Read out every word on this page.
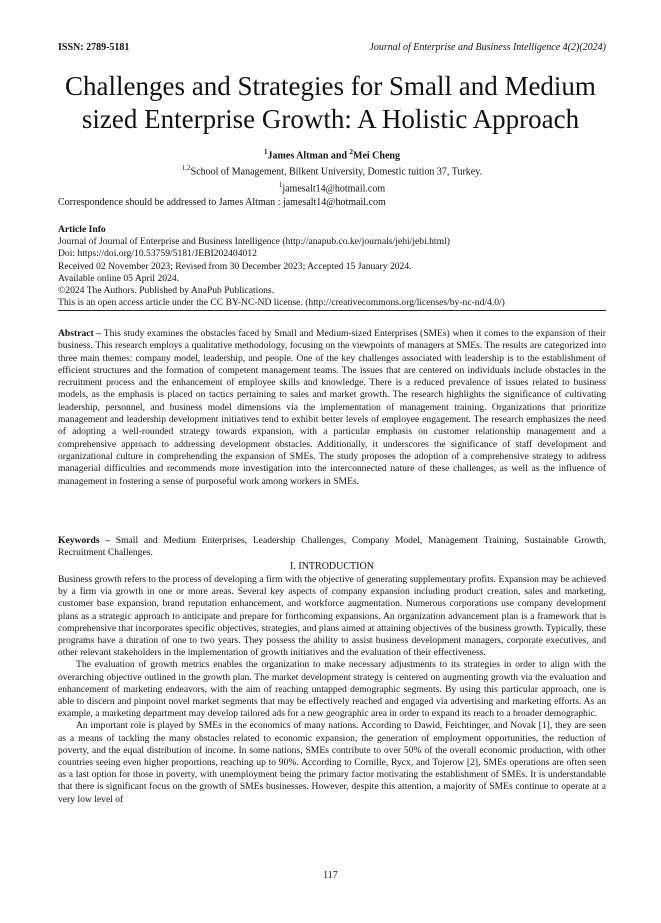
ISSN: 2789-5181	Journal of Enterprise and Business Intelligence 4(2)(2024)
Challenges and Strategies for Small and Medium sized Enterprise Growth: A Holistic Approach
$^1$James Altman and $^2$Mei Cheng
$^{1,2}$School of Management, Bilkent University, Domestic tuition 37, Turkey.
$^1$jamesalt14@hotmail.com
Correspondence should be addressed to James Altman : jamesalt14@hotmail.com
Article Info
Journal of Journal of Enterprise and Business Intelligence (http://anapub.co.ke/journals/jebi/jebi.html)
Doi: https://doi.org/10.53759/5181/JEBI202404012
Received 02 November 2023; Revised from 30 December 2023; Accepted 15 January 2024.
Available online 05 April 2024.
©2024 The Authors. Published by AnaPub Publications.
This is an open access article under the CC BY-NC-ND license. (http://creativecommons.org/licenses/by-nc-nd/4.0/)

Abstract – This study examines the obstacles faced by Small and Medium-sized Enterprises (SMEs) when it comes to the expansion of their business. This research employs a qualitative methodology, focusing on the viewpoints of managers at SMEs. The results are categorized into three main themes: company model, leadership, and people. One of the key challenges associated with leadership is to the establishment of efficient structures and the formation of competent management teams. The issues that are centered on individuals include obstacles in the recruitment process and the enhancement of employee skills and knowledge. There is a reduced prevalence of issues related to business models, as the emphasis is placed on tactics pertaining to sales and market growth. The research highlights the significance of cultivating leadership, personnel, and business model dimensions via the implementation of management training. Organizations that prioritize management and leadership development initiatives tend to exhibit better levels of employee engagement. The research emphasizes the need of adopting a well-rounded strategy towards expansion, with a particular emphasis on customer relationship management and a comprehensive approach to addressing development obstacles. Additionally, it underscores the significance of staff development and organizational culture in comprehending the expansion of SMEs. The study proposes the adoption of a comprehensive strategy to address managerial difficulties and recommends more investigation into the interconnected nature of these challenges, as well as the influence of management in fostering a sense of purposeful work among workers in SMEs.

Keywords – Small and Medium Enterprises, Leadership Challenges, Company Model, Management Training, Sustainable Growth, Recruitment Challenges.

I. INTRODUCTION

Business growth refers to the process of developing a firm with the objective of generating supplementary profits. Expansion may be achieved by a firm via growth in one or more areas. Several key aspects of company expansion including product creation, sales and marketing, customer base expansion, brand reputation enhancement, and workforce augmentation. Numerous corporations use company development plans as a strategic approach to anticipate and prepare for forthcoming expansions. An organization advancement plan is a framework that is comprehensive that incorporates specific objectives, strategies, and plans aimed at attaining objectives of the business growth. Typically, these programs have a duration of one to two years. They possess the ability to assist business development managers, corporate executives, and other relevant stakeholders in the implementation of growth initiatives and the evaluation of their effectiveness.

The evaluation of growth metrics enables the organization to make necessary adjustments to its strategies in order to align with the overarching objective outlined in the growth plan. The market development strategy is centered on augmenting growth via the evaluation and enhancement of marketing endeavors, with the aim of reaching untapped demographic segments. By using this particular approach, one is able to discern and pinpoint novel market segments that may be effectively reached and engaged via advertising and marketing efforts. As an example, a marketing department may develop tailored ads for a new geographic area in order to expand its reach to a broader demographic.

An important role is played by SMEs in the economics of many nations. According to Dawid, Feichtinger, and Novak [1], they are seen as a means of tackling the many obstacles related to economic expansion, the generation of employment opportunities, the reduction of poverty, and the equal distribution of income. In some nations, SMEs contribute to over 50% of the overall economic production, with other countries seeing even higher proportions, reaching up to 90%. According to Cornille, Rycx, and Tojerow [2], SMEs operations are often seen as a last option for those in poverty, with unemployment being the primary factor motivating the establishment of SMEs. It is understandable that there is significant focus on the growth of SMEs businesses. However, despite this attention, a majority of SMEs continue to operate at a very low level of

117
